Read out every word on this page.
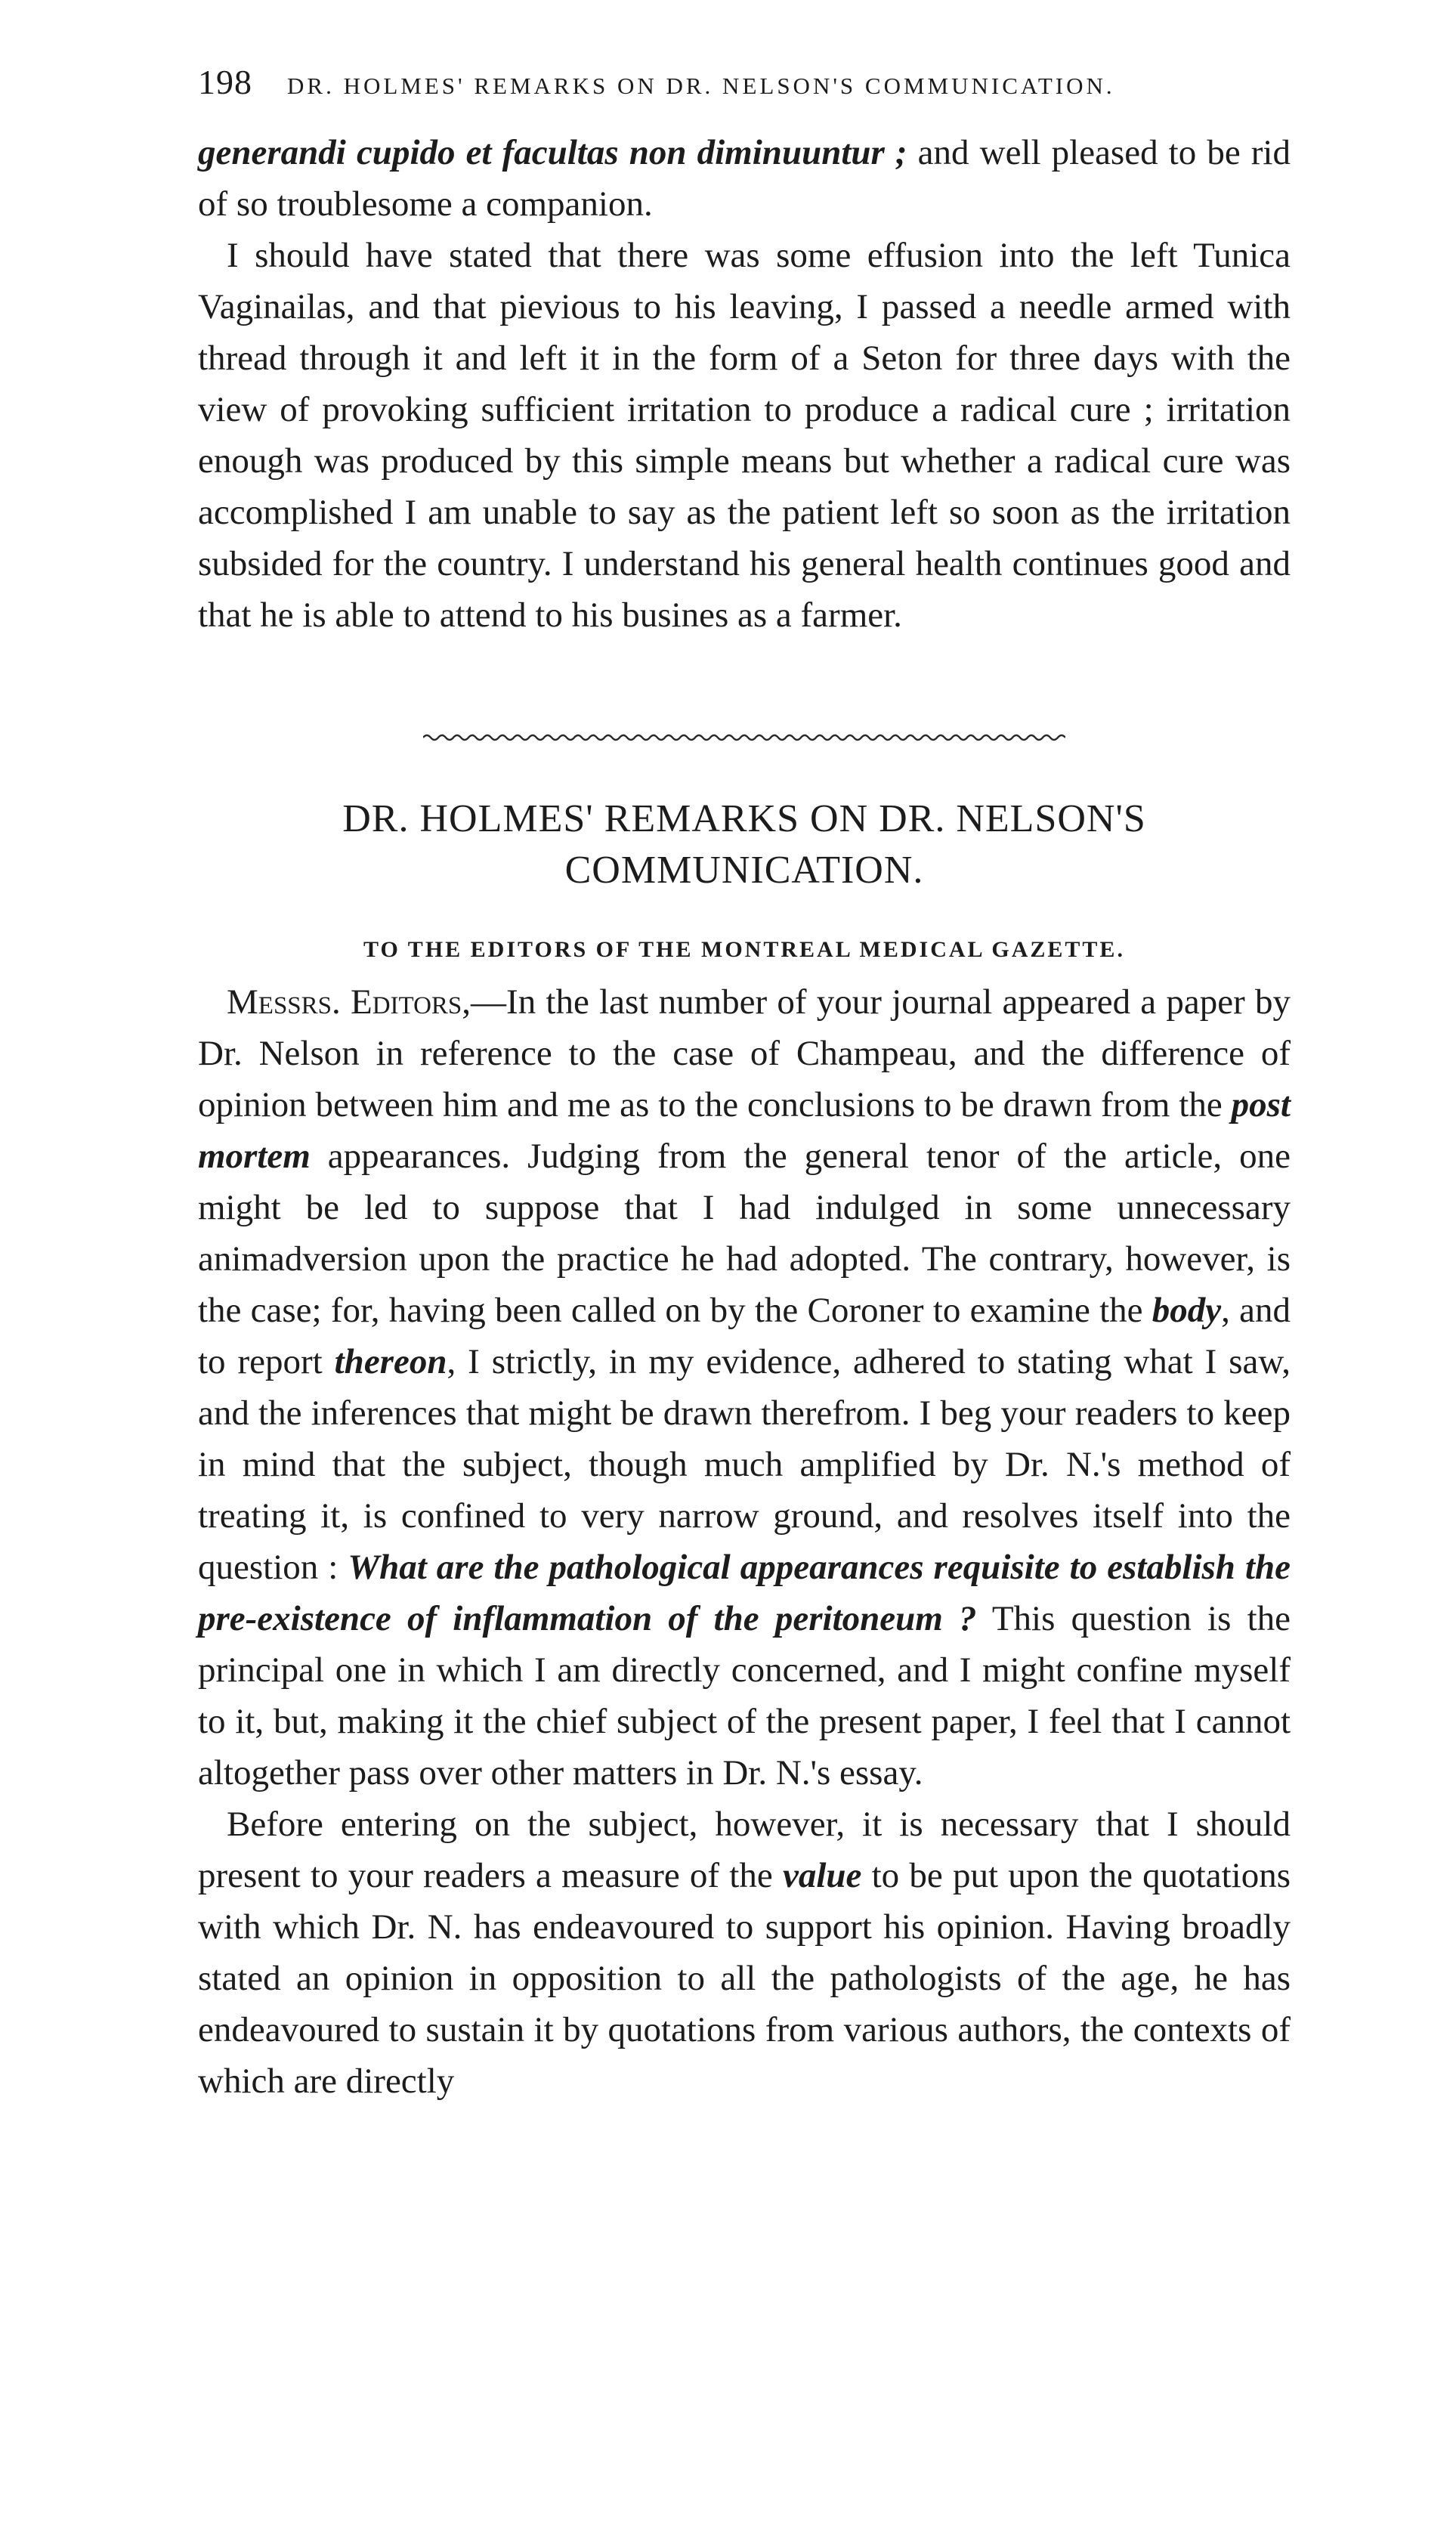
198 DR. HOLMES' REMARKS ON DR. NELSON'S COMMUNICATION.

generandi cupido et facultas non diminuuntur ; and well pleased to be rid of so troublesome a companion.

I should have stated that there was some effusion into the left Tunica Vaginailas, and that pievious to his leaving, I passed a needle armed with thread through it and left it in the form of a Seton for three days with the view of provoking sufficient irritation to produce a radical cure ; irritation enough was produced by this simple means but whether a radical cure was accomplished I am unable to say as the patient left so soon as the irritation subsided for the country. I understand his general health continues good and that he is able to attend to his busines as a farmer.

DR. HOLMES' REMARKS ON DR. NELSON'S COMMUNICATION.
TO THE EDITORS OF THE MONTREAL MEDICAL GAZETTE.

Messrs. Editors,—In the last number of your journal appeared a paper by Dr. Nelson in reference to the case of Champeau, and the difference of opinion between him and me as to the conclusions to be drawn from the post mortem appearances. Judging from the general tenor of the article, one might be led to suppose that I had indulged in some unnecessary animadversion upon the practice he had adopted. The contrary, however, is the case; for, having been called on by the Coroner to examine the body, and to report thereon, I strictly, in my evidence, adhered to stating what I saw, and the inferences that might be drawn therefrom. I beg your readers to keep in mind that the subject, though much amplified by Dr. N.'s method of treating it, is confined to very narrow ground, and resolves itself into the question : What are the pathological appearances requisite to establish the pre-existence of inflammation of the peritoneum ? This question is the principal one in which I am directly concerned, and I might confine myself to it, but, making it the chief subject of the present paper, I feel that I cannot altogether pass over other matters in Dr. N.'s essay.

Before entering on the subject, however, it is necessary that I should present to your readers a measure of the value to be put upon the quotations with which Dr. N. has endeavoured to support his opinion. Having broadly stated an opinion in opposition to all the pathologists of the age, he has endeavoured to sustain it by quotations from various authors, the contexts of which are directly
